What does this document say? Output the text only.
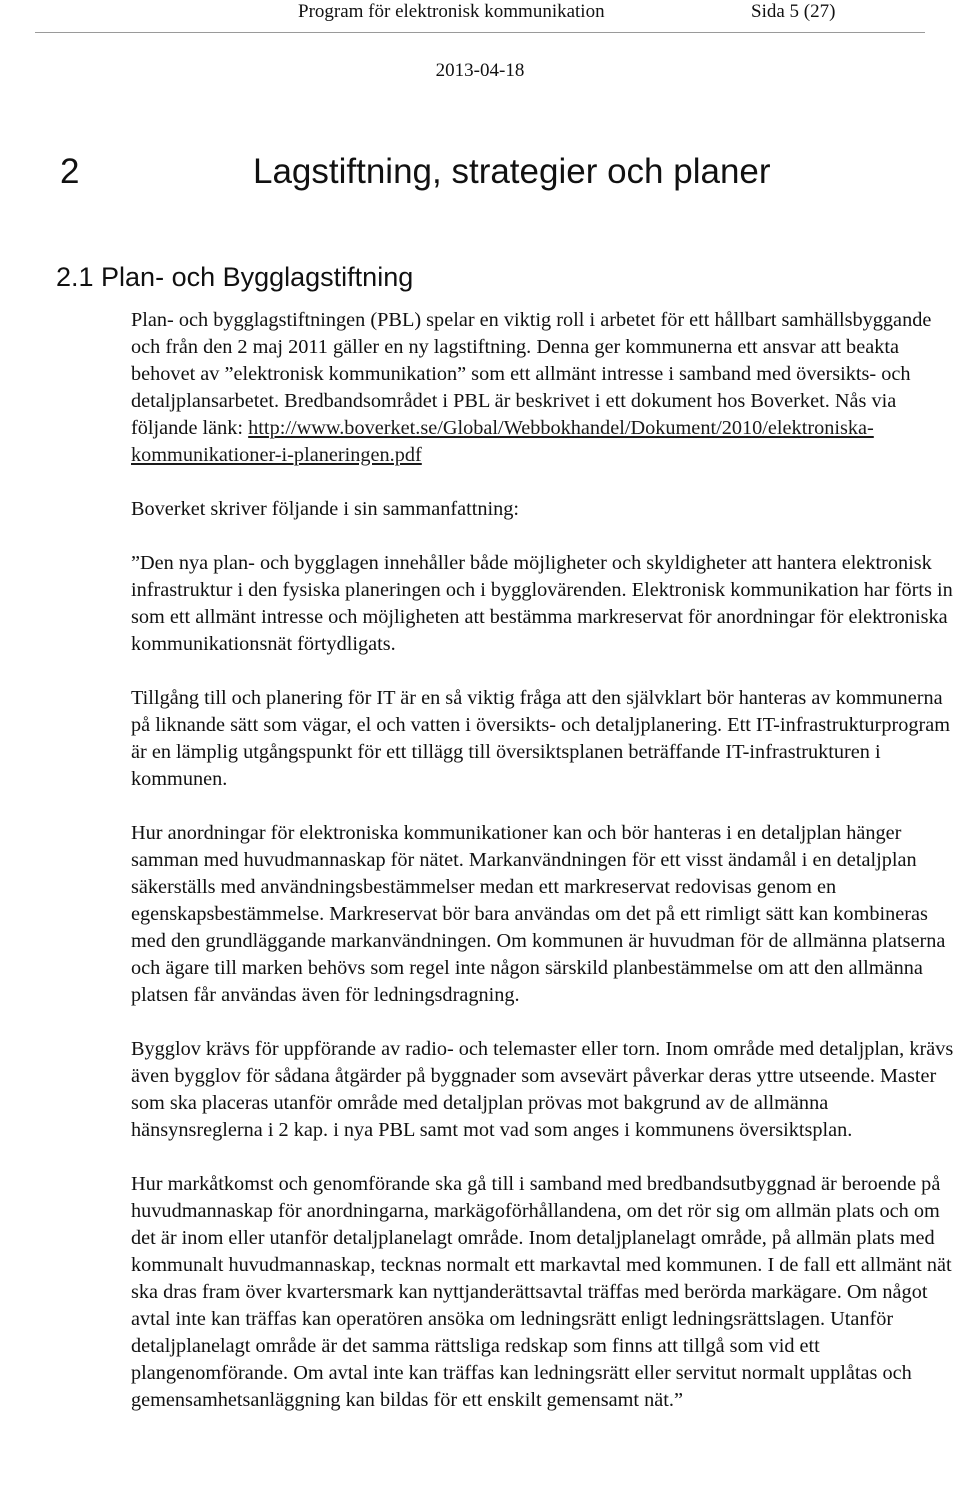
Program för elektronisk kommunikation	Sida 5 (27)
2013-04-18
2	Lagstiftning, strategier och planer
2.1 Plan- och Bygglagstiftning

Plan- och bygglagstiftningen (PBL) spelar en viktig roll i arbetet för ett hållbart samhällsbyggande och från den 2 maj 2011 gäller en ny lagstiftning. Denna ger kommunerna ett ansvar att beakta behovet av ”elektronisk kommunikation” som ett allmänt intresse i samband med översikts- och detaljplansarbetet. Bredbandsområdet i PBL är beskrivet i ett dokument hos Boverket. Nås via följande länk: http://www.boverket.se/Global/Webbokhandel/Dokument/2010/elektroniska-kommunikationer-i-planeringen.pdf

Boverket skriver följande i sin sammanfattning:

”Den nya plan- och bygglagen innehåller både möjligheter och skyldigheter att hantera elektronisk infrastruktur i den fysiska planeringen och i bygglovärenden. Elektronisk kommunikation har förts in som ett allmänt intresse och möjligheten att bestämma markreservat för anordningar för elektroniska kommunikationsnät förtydligats.

Tillgång till och planering för IT är en så viktig fråga att den självklart bör hanteras av kommunerna på liknande sätt som vägar, el och vatten i översikts- och detaljplanering. Ett IT-infrastrukturprogram är en lämplig utgångspunkt för ett tillägg till översiktsplanen beträffande IT-infrastrukturen i kommunen.

Hur anordningar för elektroniska kommunikationer kan och bör hanteras i en detaljplan hänger samman med huvudmannaskap för nätet. Markanvändningen för ett visst ändamål i en detaljplan säkerställs med användningsbestämmelser medan ett markreservat redovisas genom en egenskapsbestämmelse. Markreservat bör bara användas om det på ett rimligt sätt kan kombineras med den grundläggande markanvändningen. Om kommunen är huvudman för de allmänna platserna och ägare till marken behövs som regel inte någon särskild planbestämmelse om att den allmänna platsen får användas även för ledningsdragning.

Bygglov krävs för uppförande av radio- och telemaster eller torn. Inom område med detaljplan, krävs även bygglov för sådana åtgärder på byggnader som avsevärt påverkar deras yttre utseende. Master som ska placeras utanför område med detaljplan prövas mot bakgrund av de allmänna hänsynsreglerna i 2 kap. i nya PBL samt mot vad som anges i kommunens översiktsplan.

Hur markåtkomst och genomförande ska gå till i samband med bredbandsutbyggnad är beroende på huvudmannaskap för anordningarna, markägoförhållandena, om det rör sig om allmän plats och om det är inom eller utanför detaljplanelagt område. Inom detaljplanelagt område, på allmän plats med kommunalt huvudmannaskap, tecknas normalt ett markavtal med kommunen. I de fall ett allmänt nät ska dras fram över kvartersmark kan nyttjanderättsavtal träffas med berörda markägare. Om något avtal inte kan träffas kan operatören ansöka om ledningsrätt enligt ledningsrättslagen. Utanför detaljplanelagt område är det samma rättsliga redskap som finns att tillgå som vid ett plangenomförande. Om avtal inte kan träffas kan ledningsrätt eller servitut normalt upplåtas och gemensamhetsanläggning kan bildas för ett enskilt gemensamt nät.”
